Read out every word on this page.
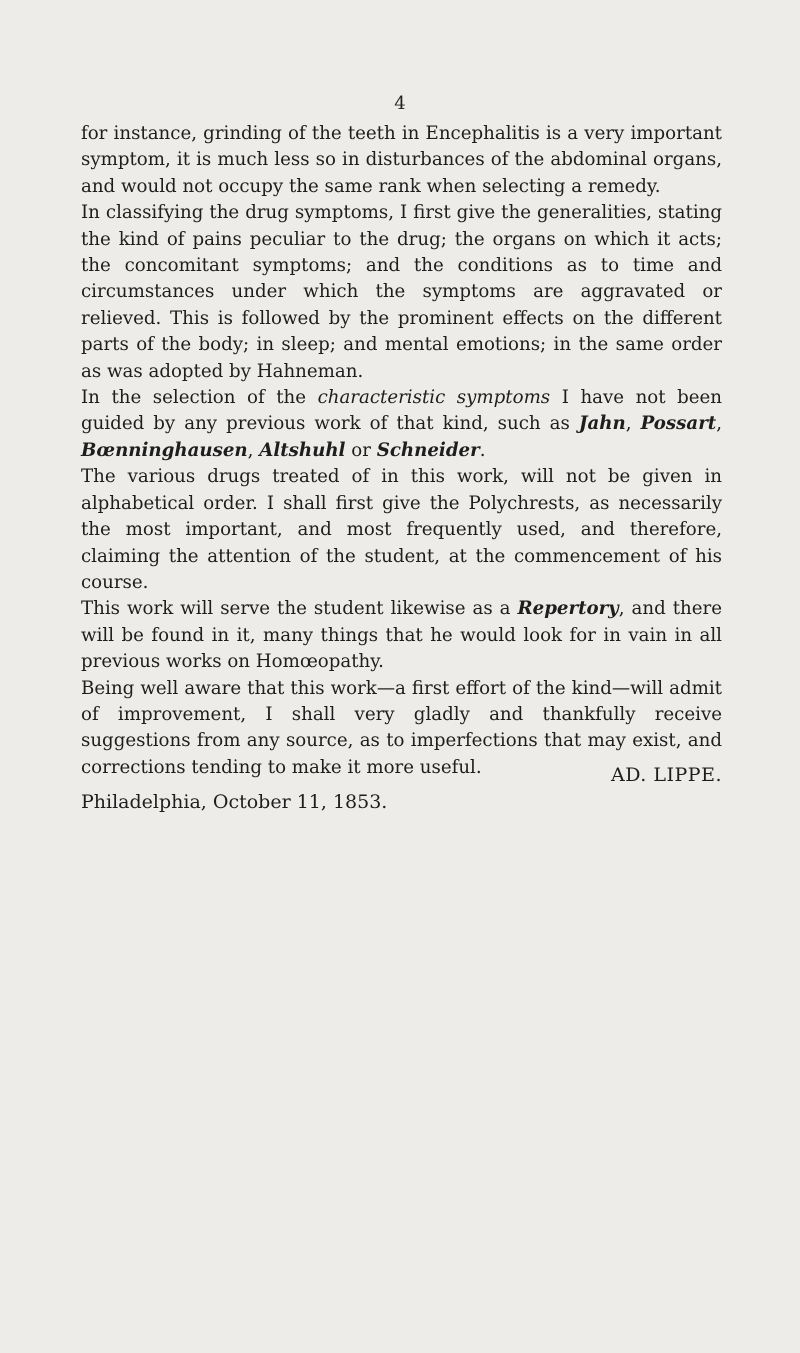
4

for instance, grinding of the teeth in Encephalitis is a very important symptom, it is much less so in disturbances of the abdominal organs, and would not occupy the same rank when selecting a remedy.

In classifying the drug symptoms, I first give the generalities, stating the kind of pains peculiar to the drug; the organs on which it acts; the concomitant symptoms; and the conditions as to time and circumstances under which the symptoms are aggravated or relieved. This is followed by the prominent effects on the different parts of the body; in sleep; and mental emotions; in the same order as was adopted by Hahneman.

In the selection of the characteristic symptoms I have not been guided by any previous work of that kind, such as Jahn, Possart, Bœnninghausen, Altshuhl or Schneider.

The various drugs treated of in this work, will not be given in alphabetical order. I shall first give the Polychrests, as necessarily the most important, and most frequently used, and therefore, claiming the attention of the student, at the commencement of his course.

This work will serve the student likewise as a Repertory, and there will be found in it, many things that he would look for in vain in all previous works on Homœopathy.

Being well aware that this work—a first effort of the kind—will admit of improvement, I shall very gladly and thankfully receive suggestions from any source, as to imperfections that may exist, and corrections tending to make it more useful.	AD. LIPPE.
Philadelphia, October 11, 1853.
